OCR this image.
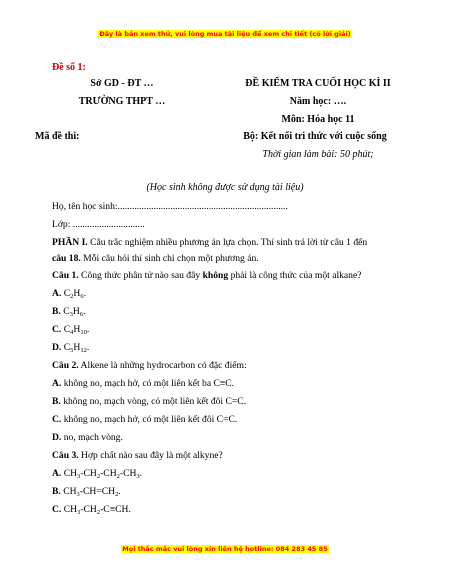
Đây là bản xem thử, vui lòng mua tài liệu để xem chi tiết (có lời giải)
Đề số 1:
Sở GD - ĐT …
TRƯỜNG THPT …
Mã đề thi:
ĐỀ KIỂM TRA CUỐI HỌC KÌ II
Năm học: ….
Môn: Hóa học 11
Bộ: Kết nối tri thức với cuộc sống
Thời gian làm bài: 50 phút;
(Học sinh không được sử dụng tài liệu)
Họ, tên học sinh:.......................................................................
Lớp: ..............................
PHẦN I. Câu trắc nghiệm nhiều phương án lựa chọn. Thí sinh trả lời từ câu 1 đến
câu 18. Mỗi câu hỏi thí sinh chỉ chọn một phương án.
Câu 1. Công thức phân tử nào sau đây không phải là công thức của một alkane?
A. $C_2H_6$.
B. $C_3H_6$.
C. $C_4H_{10}$.
D. $C_5H_{12}$.
Câu 2. Alkene là những hydrocarbon có đặc điểm:
A. không no, mạch hở, có một liên kết ba C≡C.
B. không no, mạch vòng, có một liên kết đôi C=C.
C. không no, mạch hở, có một liên kết đôi C=C.
D. no, mạch vòng.
Câu 3. Hợp chất nào sau đây là một alkyne?
A. $CH_3-CH_2-CH_2-CH_3$.
B. $CH_3-CH=CH_2$.
C. $CH_3-CH_2-C\equiv CH$.
Mọi thắc mắc vui lòng xin liên hệ hotline: 084 283 45 85
